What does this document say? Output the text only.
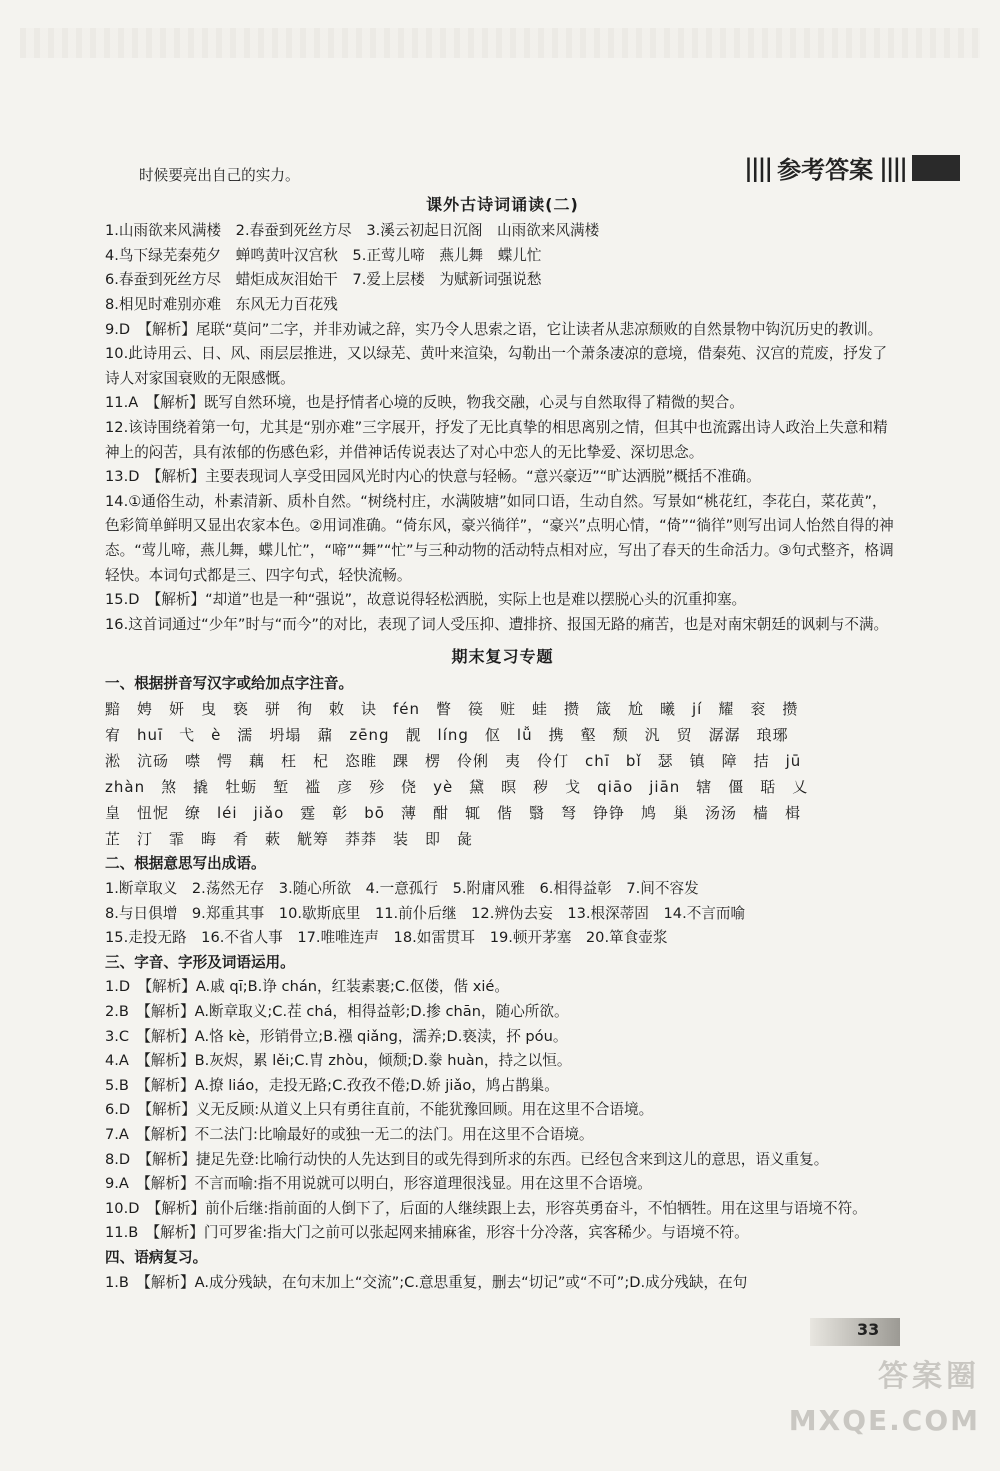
|||| 参考答案 ||||

时候要亮出自己的实力。

课外古诗词诵读(二)

1.山雨欲来风满楼　2.春蚕到死丝方尽　3.溪云初起日沉阁　山雨欲来风满楼

4.鸟下绿芜秦苑夕　蝉鸣黄叶汉宫秋　5.正莺儿啼　燕儿舞　蝶儿忙

6.春蚕到死丝方尽　蜡炬成灰泪始干　7.爱上层楼　为赋新词强说愁

8.相见时难别亦难　东风无力百花残

9.D　【解析】尾联“莫问”二字，并非劝诫之辞，实乃令人思索之语，它让读者从悲凉颓败的自然景物中钩沉历史的教训。

10.此诗用云、日、风、雨层层推进，又以绿芜、黄叶来渲染，勾勒出一个萧条凄凉的意境，借秦苑、汉宫的荒废，抒发了诗人对家国衰败的无限感慨。

11.A　【解析】既写自然环境，也是抒情者心境的反映，物我交融，心灵与自然取得了精微的契合。

12.该诗围绕着第一句，尤其是“别亦难”三字展开，抒发了无比真挚的相思离别之情，但其中也流露出诗人政治上失意和精神上的闷苦，具有浓郁的伤感色彩，并借神话传说表达了对心中恋人的无比挚爱、深切思念。

13.D　【解析】主要表现词人享受田园风光时内心的快意与轻畅。“意兴豪迈”“旷达洒脱”概括不准确。

14.①通俗生动，朴素清新、质朴自然。“树绕村庄，水满陂塘”如同口语，生动自然。写景如“桃花红，李花白，菜花黄”，色彩简单鲜明又显出农家本色。②用词准确。“倚东风，豪兴徜徉”，“豪兴”点明心情，“倚”“徜徉”则写出词人怡然自得的神态。“莺儿啼，燕儿舞，蝶儿忙”，“啼”“舞”“忙”与三种动物的活动特点相对应，写出了春天的生命活力。③句式整齐，格调轻快。本词句式都是三、四字句式，轻快流畅。

15.D　【解析】“却道”也是一种“强说”，故意说得轻松洒脱，实际上也是难以摆脱心头的沉重抑塞。

16.这首词通过“少年”时与“而今”的对比，表现了词人受压抑、遭排挤、报国无路的痛苦，也是对南宋朝廷的讽刺与不满。

期末复习专题

一、根据拼音写汉字或给加点字注音。

黯　娉　妍　曳　亵　骈　徇　敕　诀　fén　瞥　篌　赃　蛙　攒　箴　尬　曦　jí　耀　衮　攒

宥　huī　弋　è　濡　坍塌　鼐　zēng　靓　líng　伛　lǚ　携　壑　颓　汎　贸　潺潺　琅琊

淞　沆砀　噤　愕　藕　枉　杞　恣睢　踝　楞　伶俐　夷　伶仃　chī　bǐ　瑟　镇　障　拮　jū

zhàn　煞　撬　牡蛎　堑　褴　彦　殄　侥　yè　黛　暝　秽　戈　qiāo　jiān　辖　僵　聒　乂

皇　忸怩　缭　léi　jiǎo　霆　彰　bō　薄　酣　辄　偕　翳　弩　铮铮　鸠　巢　汤汤　樯　楫

芷　汀　霏　晦　肴　蔌　觥筹　莽莽　装　即　彘

二、根据意思写出成语。

1.断章取义　2.荡然无存　3.随心所欲　4.一意孤行　5.附庸风雅　6.相得益彰　7.间不容发

8.与日俱增　9.郑重其事　10.歇斯底里　11.前仆后继　12.辨伪去妄　13.根深蒂固　14.不言而喻

15.走投无路　16.不省人事　17.唯唯连声　18.如雷贯耳　19.顿开茅塞　20.箪食壶浆

三、字音、字形及词语运用。

1.D　【解析】A.戚 qī;B.诤 chán，红装素裹;C.伛偻，偕 xié。

2.B　【解析】A.断章取义;C.茬 chá，相得益彰;D.掺 chān，随心所欲。

3.C　【解析】A.恪 kè，形销骨立;B.襁 qiǎng，濡养;D.亵渎，抔 póu。

4.A　【解析】B.灰烬，累 lěi;C.胄 zhòu，倾颓;D.豢 huàn，持之以恒。

5.B　【解析】A.撩 liáo，走投无路;C.孜孜不倦;D.娇 jiǎo，鸠占鹊巢。

6.D　【解析】义无反顾:从道义上只有勇往直前，不能犹豫回顾。用在这里不合语境。

7.A　【解析】不二法门:比喻最好的或独一无二的法门。用在这里不合语境。

8.D　【解析】捷足先登:比喻行动快的人先达到目的或先得到所求的东西。已经包含来到这儿的意思，语义重复。

9.A　【解析】不言而喻:指不用说就可以明白，形容道理很浅显。用在这里不合语境。

10.D　【解析】前仆后继:指前面的人倒下了，后面的人继续跟上去，形容英勇奋斗，不怕牺牲。用在这里与语境不符。

11.B　【解析】门可罗雀:指大门之前可以张起网来捕麻雀，形容十分冷落，宾客稀少。与语境不符。

四、语病复习。

1.B　【解析】A.成分残缺，在句末加上“交流”;C.意思重复，删去“切记”或“不可”;D.成分残缺，在句

33
答案圈
MXQE.COM
